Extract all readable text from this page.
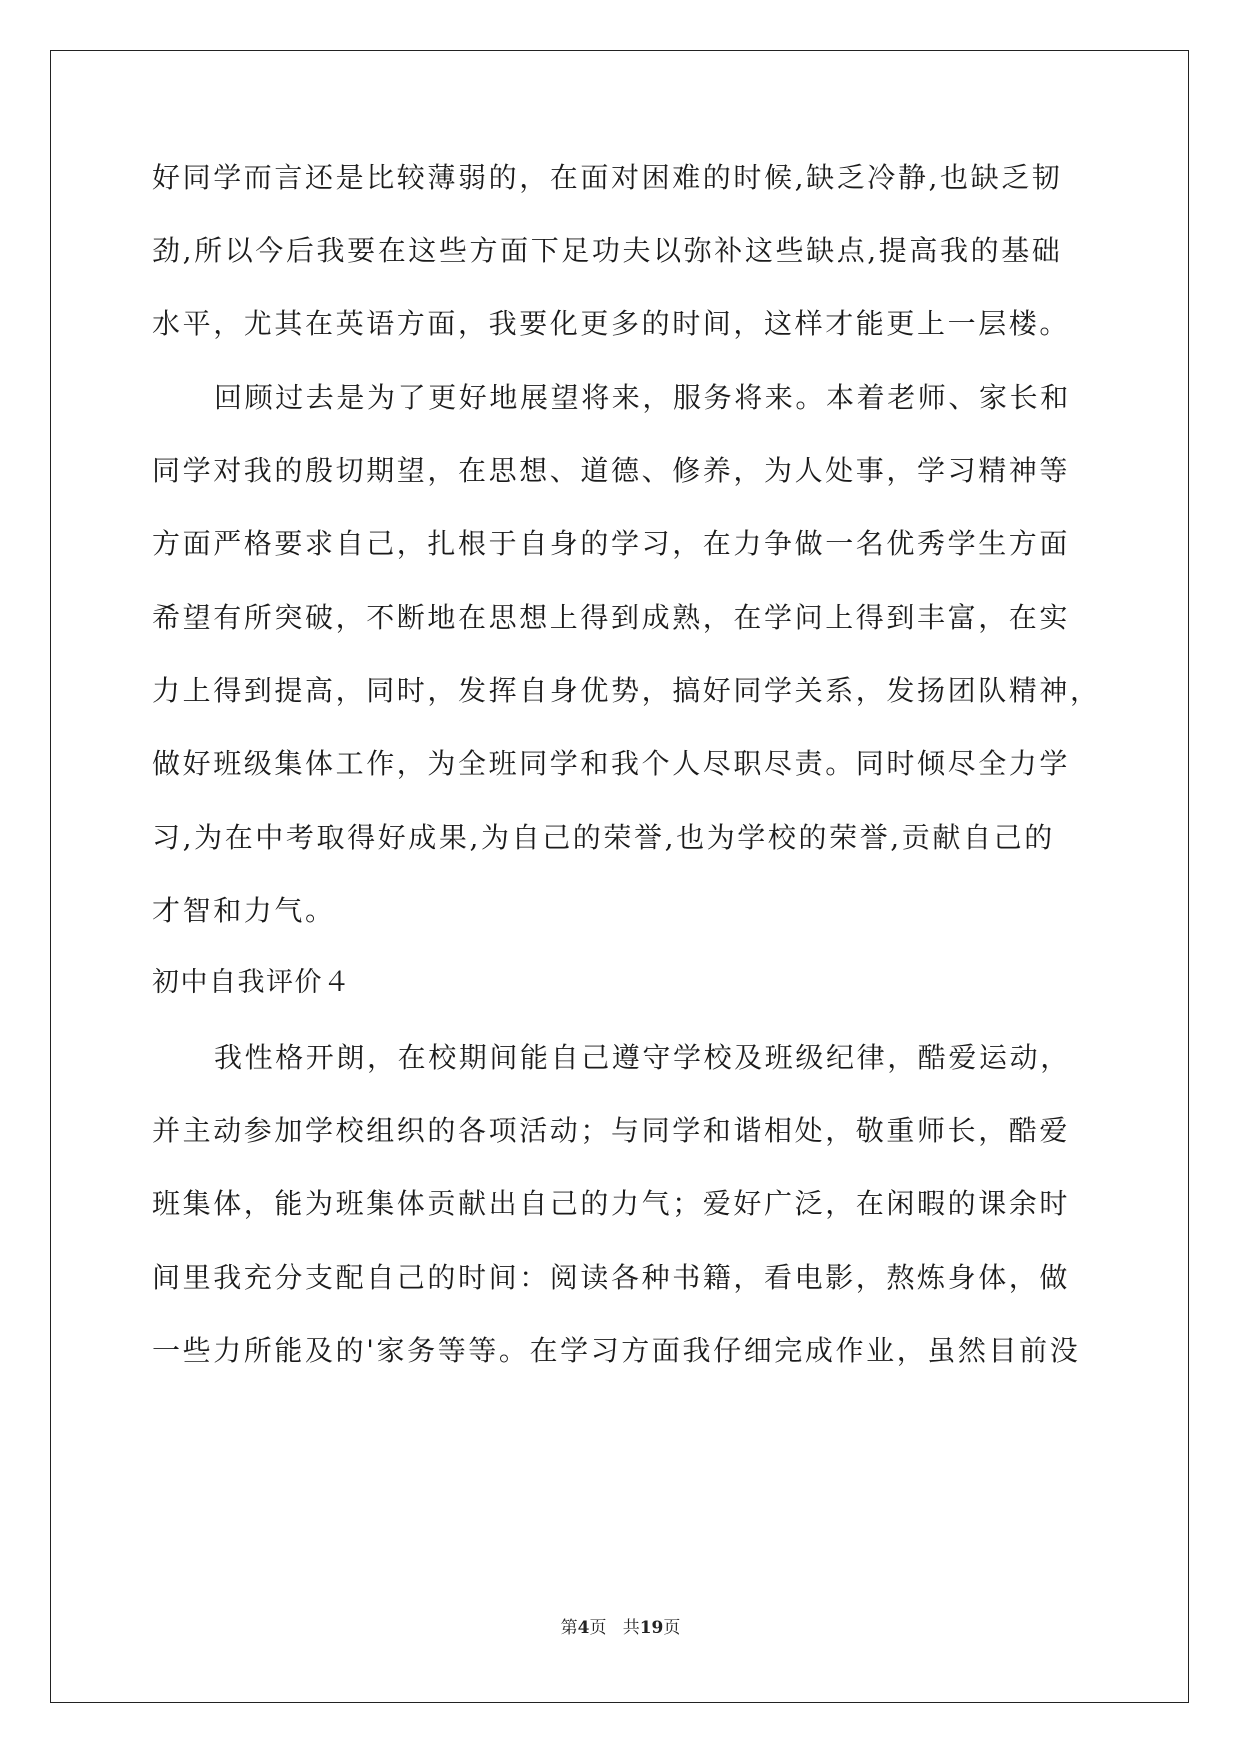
好同学而言还是比较薄弱的，在面对困难的时候,缺乏冷静,也缺乏韧
劲,所以今后我要在这些方面下足功夫以弥补这些缺点,提高我的基础
水平，尤其在英语方面，我要化更多的时间，这样才能更上一层楼。
回顾过去是为了更好地展望将来，服务将来。本着老师、家长和
同学对我的殷切期望，在思想、道德、修养，为人处事，学习精神等
方面严格要求自己，扎根于自身的学习，在力争做一名优秀学生方面
希望有所突破，不断地在思想上得到成熟，在学问上得到丰富，在实
力上得到提高，同时，发挥自身优势，搞好同学关系，发扬团队精神，
做好班级集体工作，为全班同学和我个人尽职尽责。同时倾尽全力学
习,为在中考取得好成果,为自己的荣誉,也为学校的荣誉,贡献自己的
才智和力气。
初中自我评价４
我性格开朗，在校期间能自己遵守学校及班级纪律，酷爱运动，
并主动参加学校组织的各项活动；与同学和谐相处，敬重师长，酷爱
班集体，能为班集体贡献出自己的力气；爱好广泛，在闲暇的课余时
间里我充分支配自己的时间：阅读各种书籍，看电影，熬炼身体，做
一些力所能及的'家务等等。在学习方面我仔细完成作业，虽然目前没
第4页 共19页
